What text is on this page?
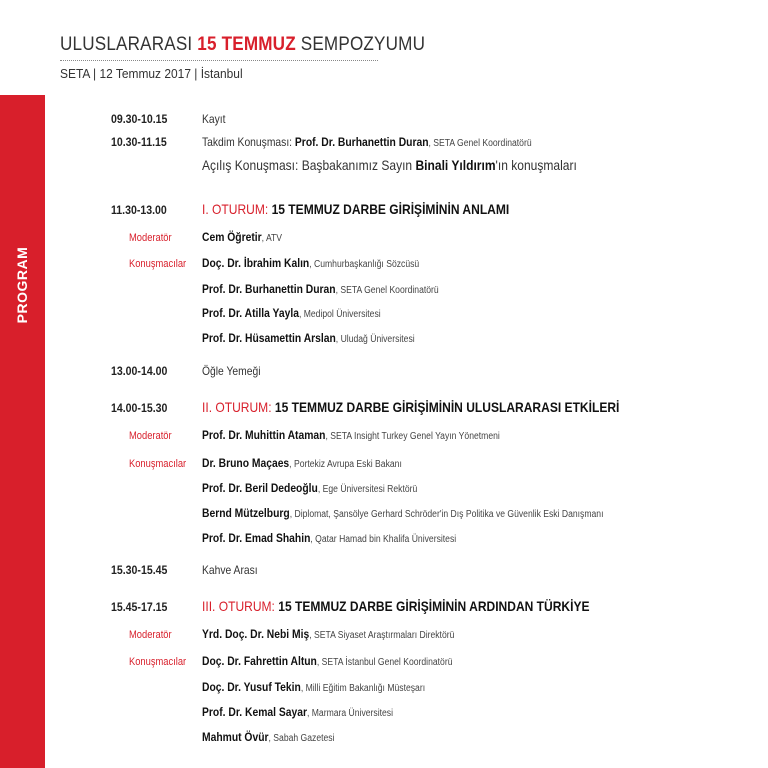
ULUSLARARASI 15 TEMMUZ SEMPOZYUMU
SETA | 12 Temmuz 2017 | İstanbul
PROGRAM
09.30-10.15	Kayıt
10.30-11.15	Takdim Konuşması: Prof. Dr. Burhanettin Duran, SETA Genel Koordinatörü
Açılış Konuşması: Başbakanımız Sayın Binali Yıldırım'ın konuşmaları
11.30-13.00	I. OTURUM: 15 TEMMUZ DARBE GİRİŞİMİNİN ANLAMI
Moderatör	Cem Öğretir, ATV
Konuşmacılar Doç. Dr. İbrahim Kalın, Cumhurbaşkanlığı Sözcüsü
Prof. Dr. Burhanettin Duran, SETA Genel Koordinatörü
Prof. Dr. Atilla Yayla, Medipol Üniversitesi
Prof. Dr. Hüsamettin Arslan, Uludağ Üniversitesi
13.00-14.00	Öğle Yemeği
14.00-15.30 II. OTURUM: 15 TEMMUZ DARBE GİRİŞİMİNİN ULUSLARARASI ETKİLERİ
Moderatör	Prof. Dr. Muhittin Ataman, SETA Insight Turkey Genel Yayın Yönetmeni
Konuşmacılar Dr. Bruno Maçaes, Portekiz Avrupa Eski Bakanı
Prof. Dr. Beril Dedeoğlu, Ege Üniversitesi Rektörü
Bernd Mützelburg, Diplomat, Şansölye Gerhard Schröder'in Dış Politika ve Güvenlik Eski Danışmanı
Prof. Dr. Emad Shahin, Qatar Hamad bin Khalifa Üniversitesi
15.30-15.45	Kahve Arası
15.45-17.15 III. OTURUM: 15 TEMMUZ DARBE GİRİŞİMİNİN ARDINDAN TÜRKİYE
Moderatör	Yrd. Doç. Dr. Nebi Miş, SETA Siyaset Araştırmaları Direktörü
Konuşmacılar Doç. Dr. Fahrettin Altun, SETA İstanbul Genel Koordinatörü
Doç. Dr. Yusuf Tekin, Milli Eğitim Bakanlığı Müsteşarı
Prof. Dr. Kemal Sayar, Marmara Üniversitesi
Mahmut Övür, Sabah Gazetesi
